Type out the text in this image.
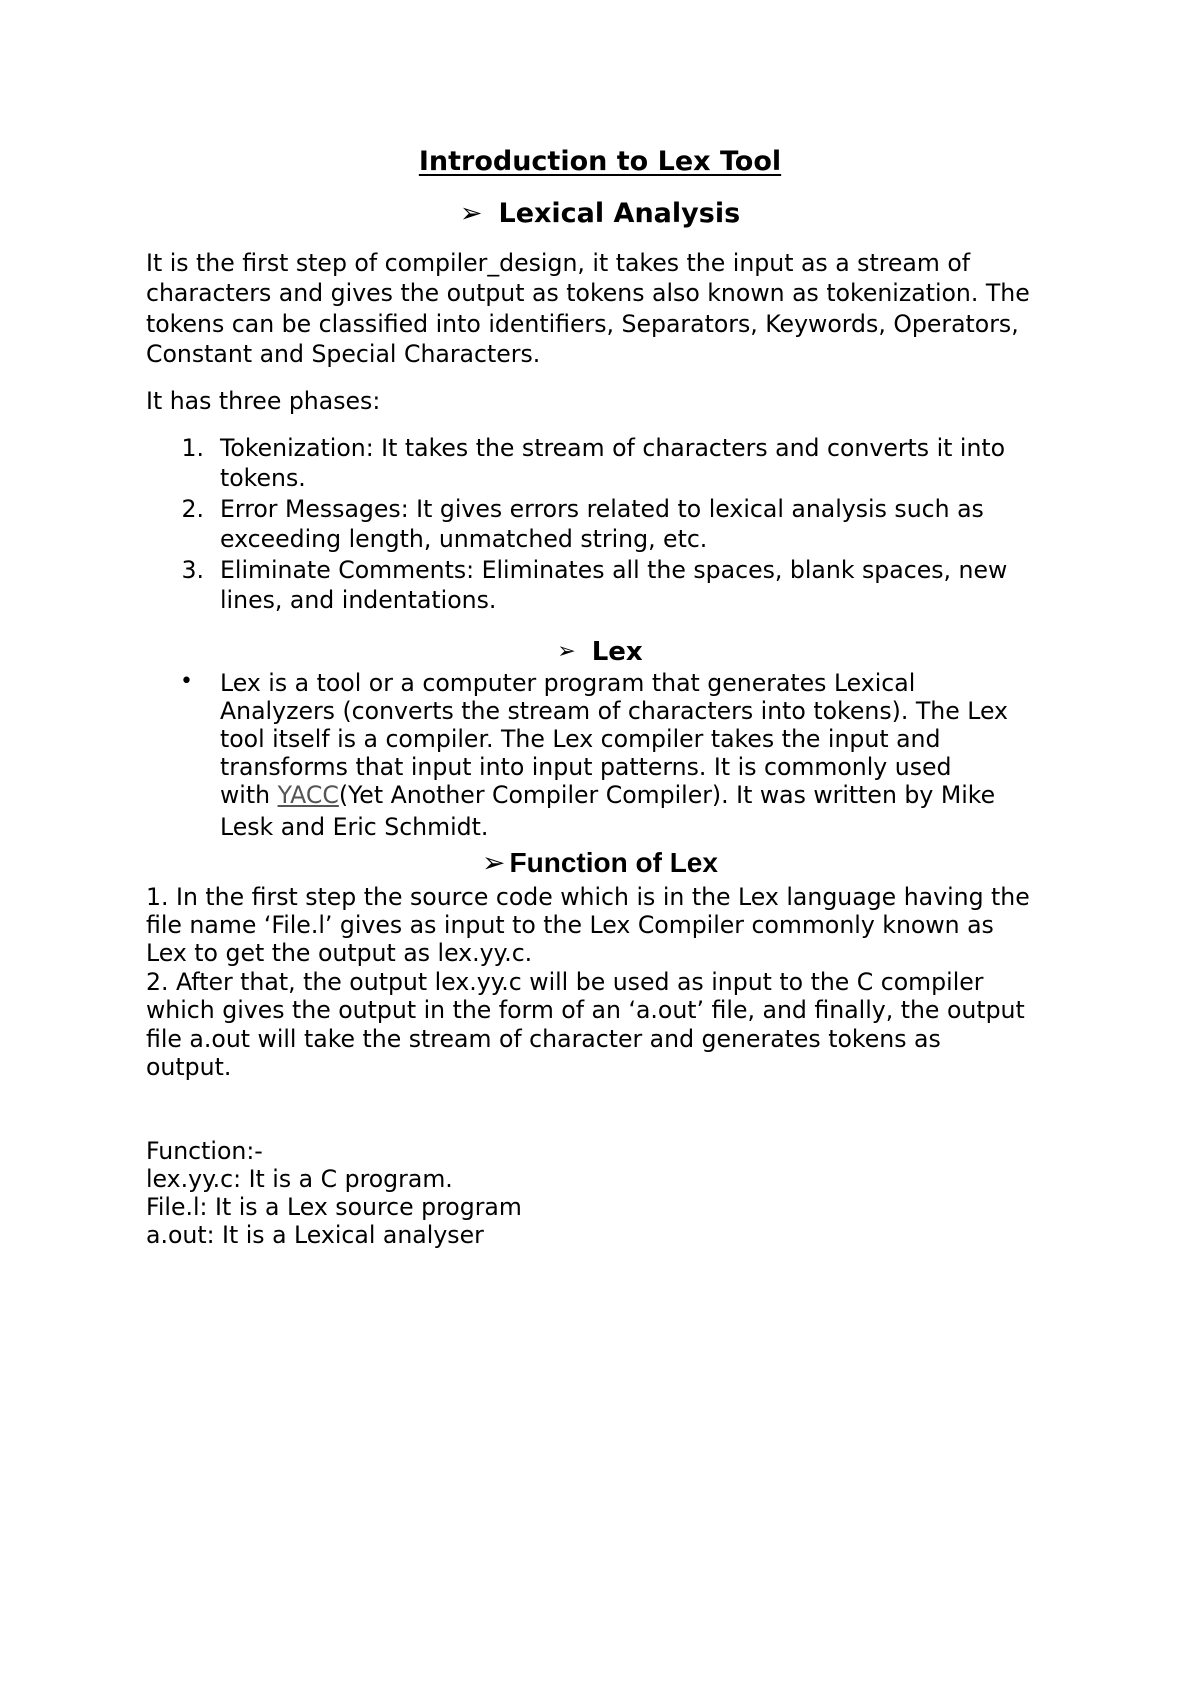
Introduction to Lex Tool
➢ Lexical Analysis
It is the first step of compiler_design, it takes the input as a stream of
characters and gives the output as tokens also known as tokenization. The
tokens can be classified into identifiers, Separators, Keywords, Operators,
Constant and Special Characters.
It has three phases:
1. Tokenization: It takes the stream of characters and converts it into
tokens.
2. Error Messages: It gives errors related to lexical analysis such as
exceeding length, unmatched string, etc.
3. Eliminate Comments: Eliminates all the spaces, blank spaces, new
lines, and indentations.
➢ Lex
• Lex is a tool or a computer program that generates Lexical
Analyzers (converts the stream of characters into tokens). The Lex
tool itself is a compiler. The Lex compiler takes the input and
transforms that input into input patterns. It is commonly used
with YACC(Yet Another Compiler Compiler). It was written by Mike
Lesk and Eric Schmidt.
➢ Function of Lex
1. In the first step the source code which is in the Lex language having the
file name ‘File.l’ gives as input to the Lex Compiler commonly known as
Lex to get the output as lex.yy.c.
2. After that, the output lex.yy.c will be used as input to the C compiler
which gives the output in the form of an ‘a.out’ file, and finally, the output
file a.out will take the stream of character and generates tokens as
output.
Function:-
lex.yy.c: It is a C program.
File.l: It is a Lex source program
a.out: It is a Lexical analyser
